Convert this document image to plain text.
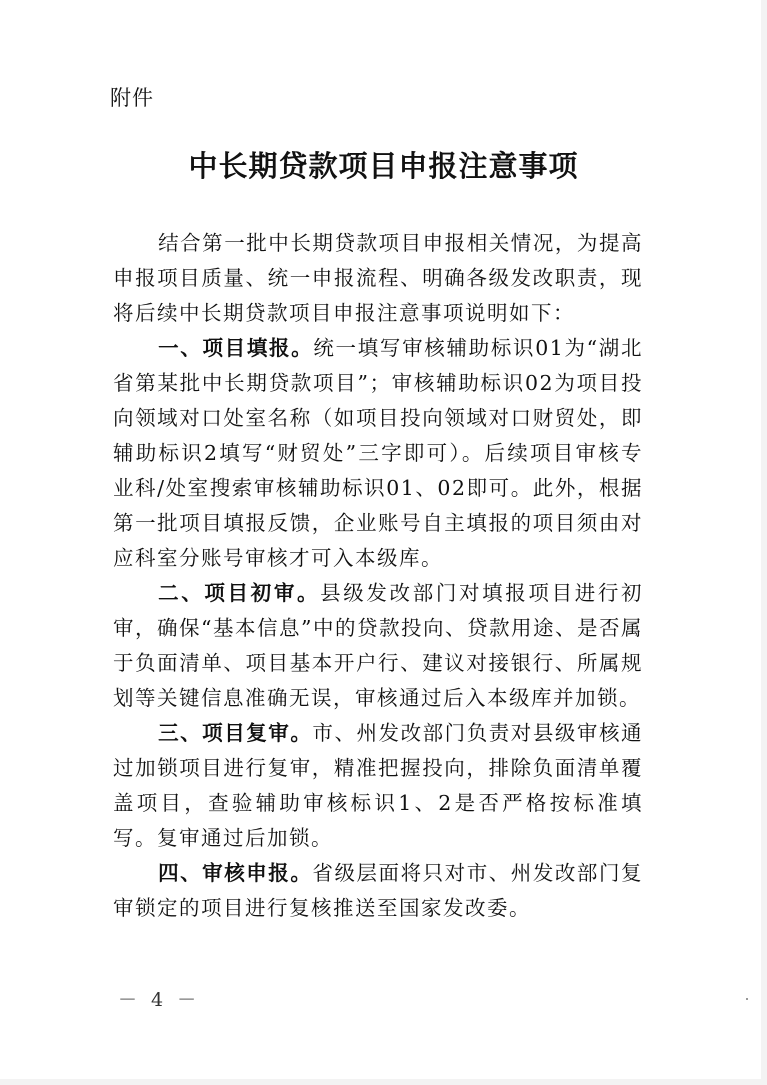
附件
中长期贷款项目申报注意事项

结合第一批中长期贷款项目申报相关情况，为提高申报项目质量、统一申报流程、明确各级发改职责，现将后续中长期贷款项目申报注意事项说明如下：

一、项目填报。统一填写审核辅助标识01为“湖北省第某批中长期贷款项目”；审核辅助标识02为项目投向领域对口处室名称（如项目投向领域对口财贸处，即辅助标识2填写“财贸处”三字即可）。后续项目审核专业科/处室搜索审核辅助标识01、02即可。此外，根据第一批项目填报反馈，企业账号自主填报的项目须由对应科室分账号审核才可入本级库。

二、项目初审。县级发改部门对填报项目进行初审，确保“基本信息”中的贷款投向、贷款用途、是否属于负面清单、项目基本开户行、建议对接银行、所属规划等关键信息准确无误，审核通过后入本级库并加锁。

三、项目复审。市、州发改部门负责对县级审核通过加锁项目进行复审，精准把握投向，排除负面清单覆盖项目，查验辅助审核标识1、2是否严格按标准填写。复审通过后加锁。

四、审核申报。省级层面将只对市、州发改部门复审锁定的项目进行复核推送至国家发改委。

－ 4 －
